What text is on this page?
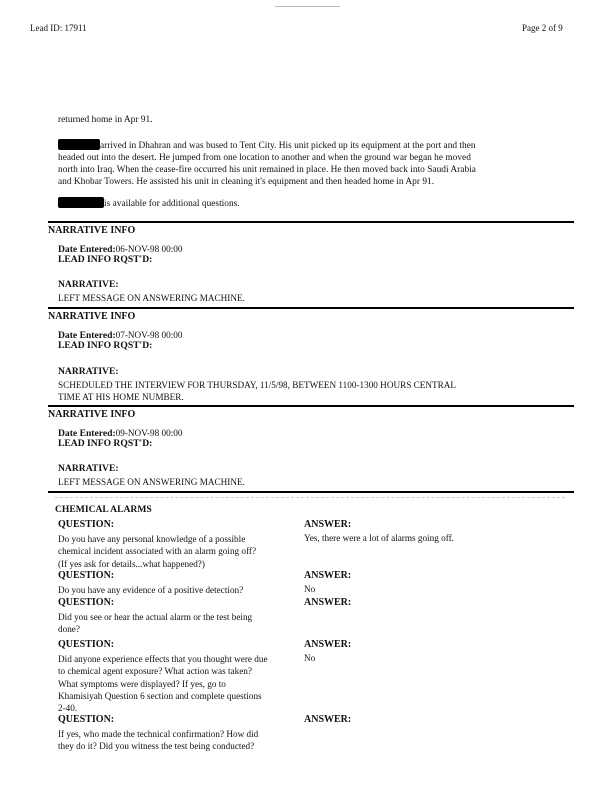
Lead ID: 17911	Page 2 of 9
returned home in Apr 91.
arrived in Dhahran and was bused to Tent City. His unit picked up its equipment at the port and then
headed out into the desert. He jumped from one location to another and when the ground war began he moved
north into Iraq. When the cease-fire occurred his unit remained in place. He then moved back into Saudi Arabia
and Khobar Towers. He assisted his unit in cleaning it's equipment and then headed home in Apr 91.
is available for additional questions.
NARRATIVE INFO
Date Entered:06-NOV-98 00:00
LEAD INFO RQST'D:
NARRATIVE:
LEFT MESSAGE ON ANSWERING MACHINE.
NARRATIVE INFO
Date Entered:07-NOV-98 00:00
LEAD INFO RQST'D:
NARRATIVE:
SCHEDULED THE INTERVIEW FOR THURSDAY, 11/5/98, BETWEEN 1100-1300 HOURS CENTRAL
TIME AT HIS HOME NUMBER.
NARRATIVE INFO
Date Entered:09-NOV-98 00:00
LEAD INFO RQST'D:
NARRATIVE:
LEFT MESSAGE ON ANSWERING MACHINE.
CHEMICAL ALARMS
QUESTION:	ANSWER:
Do you have any personal knowledge of a possible
chemical incident associated with an alarm going off?
(If yes ask for details...what happened?)
Yes, there were a lot of alarms going off.
QUESTION:	ANSWER:
Do you have any evidence of a positive detection?	No
QUESTION:	ANSWER:
Did you see or hear the actual alarm or the test being
done?
QUESTION:	ANSWER:
Did anyone experience effects that you thought were due
to chemical agent exposure? What action was taken?
What symptoms were displayed? If yes, go to
Khamisiyah Question 6 section and complete questions
2-40.
No
QUESTION:	ANSWER:
If yes, who made the technical confirmation? How did
they do it? Did you witness the test being conducted?
